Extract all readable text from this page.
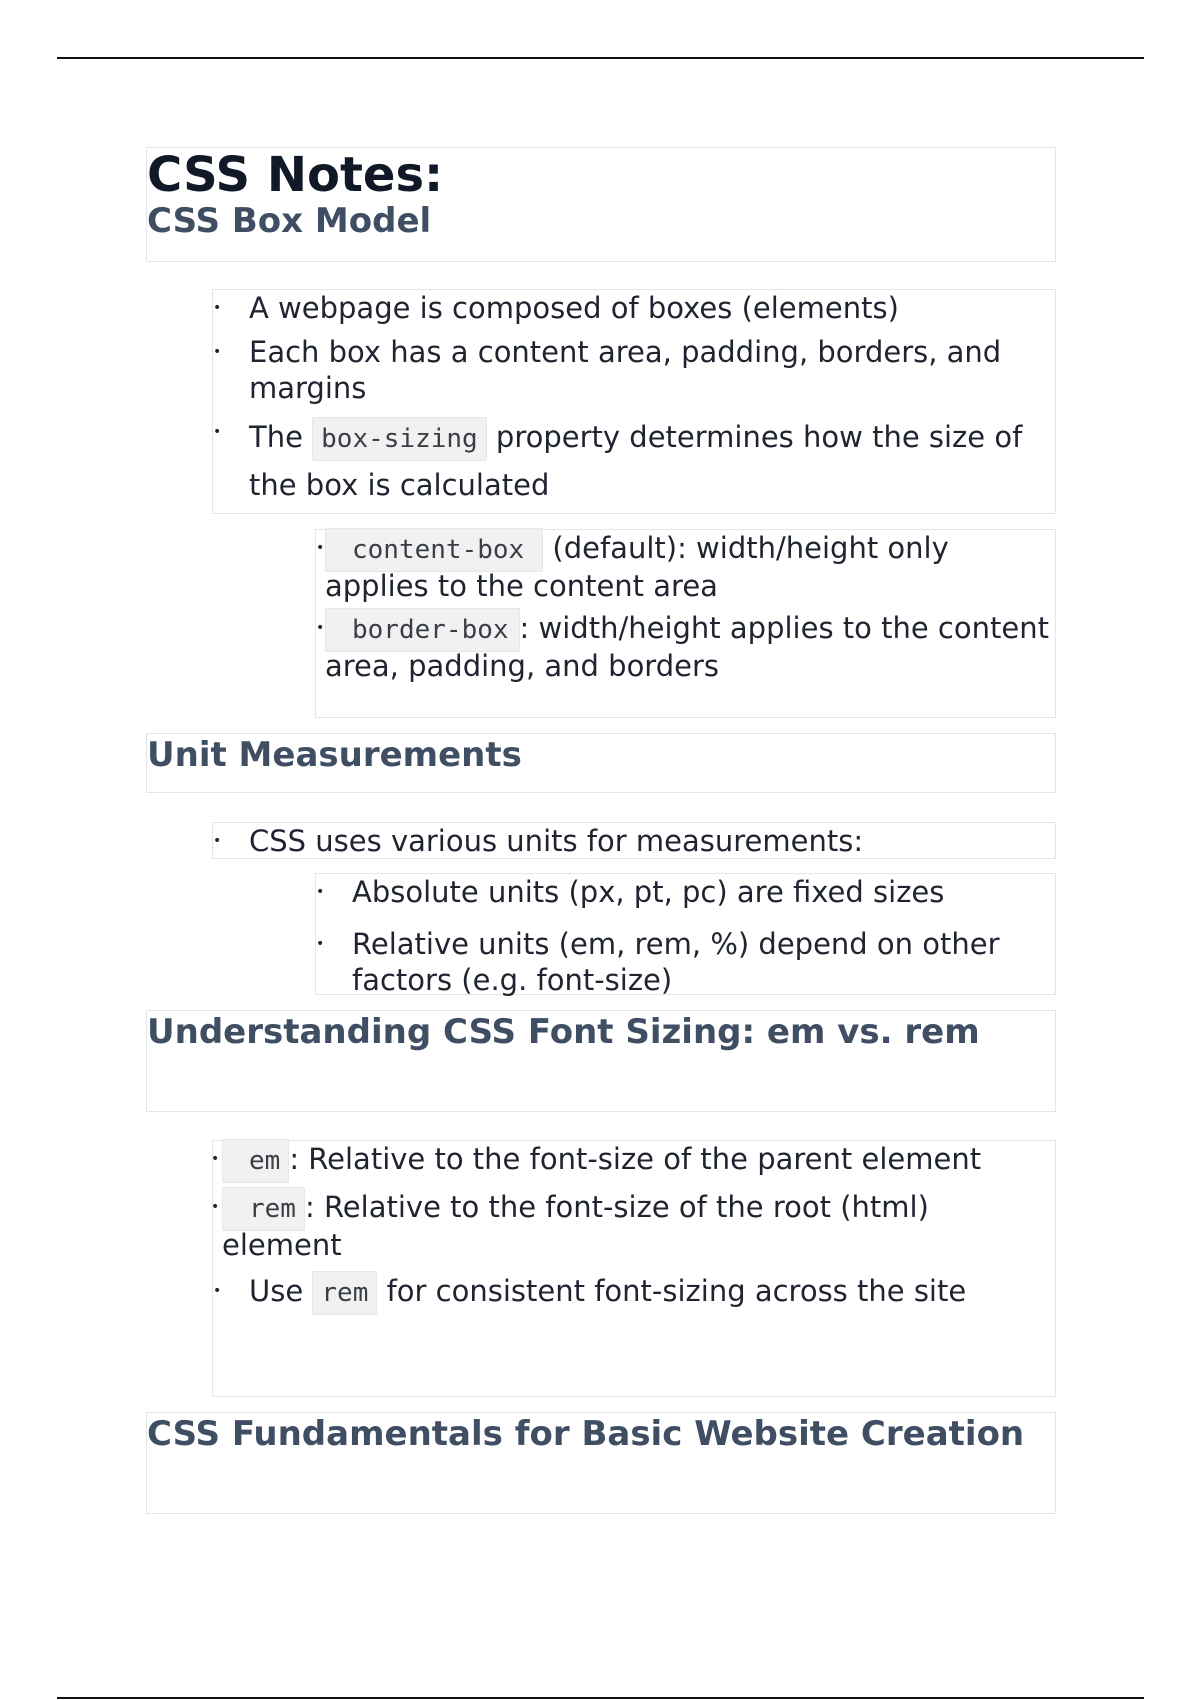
CSS Notes:
CSS Box Model
• A webpage is composed of boxes (elements)
• Each box has a content area, padding, borders, and margins
• The box-sizing property determines how the size of the box is calculated
• content-box (default): width/height only applies to the content area
• border-box : width/height applies to the content area, padding, and borders
Unit Measurements
• CSS uses various units for measurements:
• Absolute units (px, pt, pc) are fixed sizes
• Relative units (em, rem, %) depend on other factors (e.g. font-size)
Understanding CSS Font Sizing: em vs. rem
• em : Relative to the font-size of the parent element
• rem : Relative to the font-size of the root (html) element
• Use rem for consistent font-sizing across the site
CSS Fundamentals for Basic Website Creation
